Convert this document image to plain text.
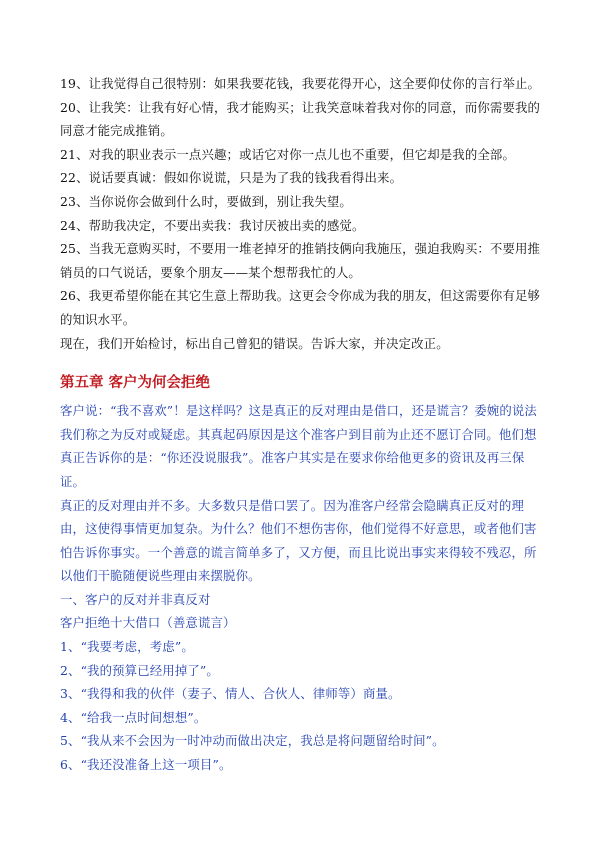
19、让我觉得自己很特别：如果我要花钱，我要花得开心，这全要仰仗你的言行举止。

20、让我笑：让我有好心情，我才能购买；让我笑意味着我对你的同意，而你需要我的同意才能完成推销。

21、对我的职业表示一点兴趣；或话它对你一点儿也不重要，但它却是我的全部。

22、说话要真诚：假如你说谎，只是为了我的钱我看得出来。

23、当你说你会做到什么时，要做到，别让我失望。

24、帮助我决定，不要出卖我：我讨厌被出卖的感觉。

25、当我无意购买时，不要用一堆老掉牙的推销技俩向我施压，强迫我购买：不要用推销员的口气说话，要象个朋友——某个想帮我忙的人。

26、我更希望你能在其它生意上帮助我。这更会令你成为我的朋友，但这需要你有足够的知识水平。

现在，我们开始检讨，标出自己曾犯的错误。告诉大家，并决定改正。

第五章 客户为何会拒绝

客户说：“我不喜欢”！是这样吗？这是真正的反对理由是借口，还是谎言？委婉的说法我们称之为反对或疑虑。其真起码原因是这个准客户到目前为止还不愿订合同。他们想真正告诉你的是：“你还没说服我”。准客户其实是在要求你给他更多的资讯及再三保证。

真正的反对理由并不多。大多数只是借口罢了。因为准客户经常会隐瞒真正反对的理由，这使得事情更加复杂。为什么？他们不想伤害你，他们觉得不好意思，或者他们害怕告诉你事实。一个善意的谎言简单多了，又方便，而且比说出事实来得较不残忍，所以他们干脆随便说些理由来摆脱你。

一、客户的反对并非真反对

客户拒绝十大借口（善意谎言）

1、“我要考虑，考虑”。

2、“我的预算已经用掉了”。

3、“我得和我的伙伴（妻子、情人、合伙人、律师等）商量。

4、“给我一点时间想想”。

5、“我从来不会因为一时冲动而做出决定，我总是将问题留给时间”。

6、“我还没准备上这一项目”。
